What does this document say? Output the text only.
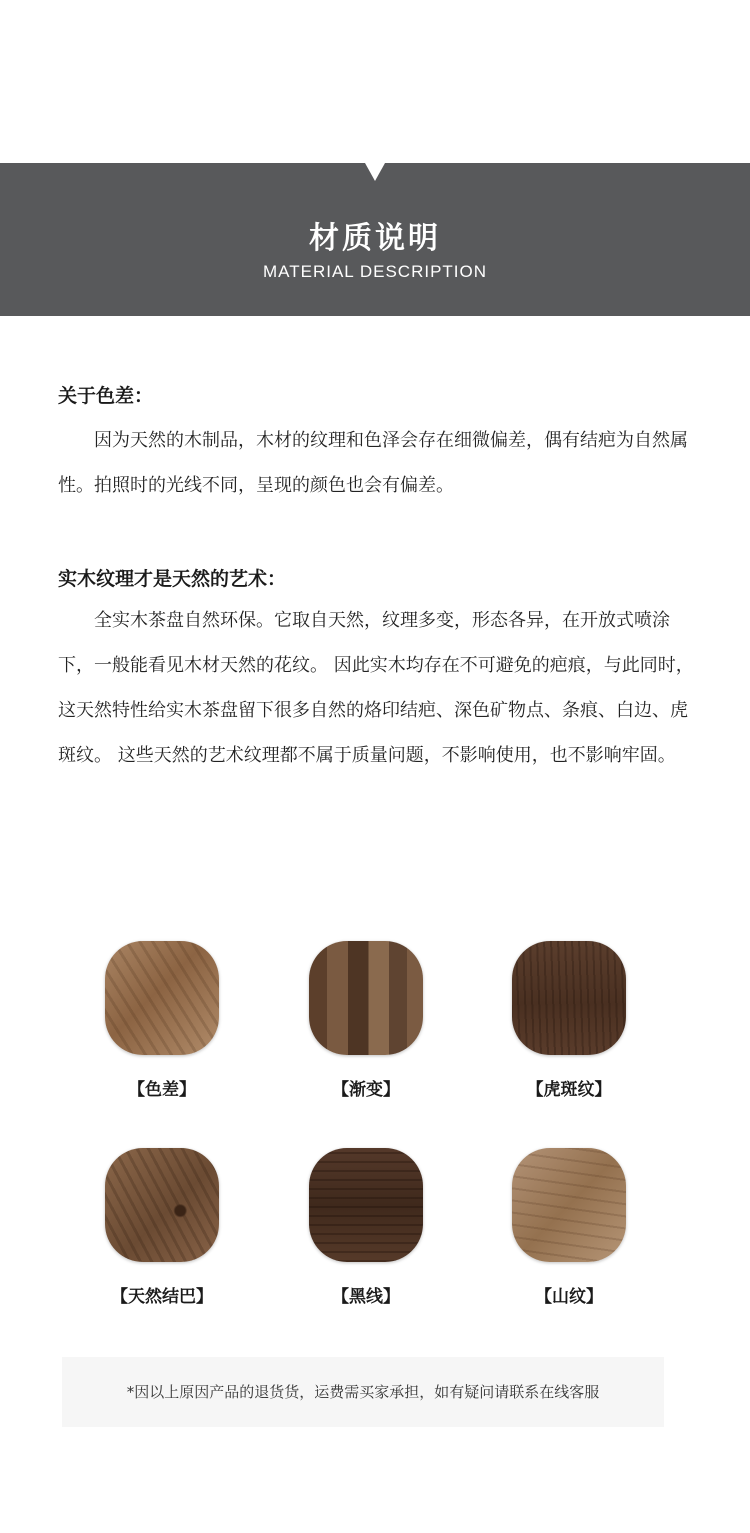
材质说明
MATERIAL DESCRIPTION
关于色差：

因为天然的木制品，木材的纹理和色泽会存在细微偏差，偶有结疤为自然属性。拍照时的光线不同，呈现的颜色也会有偏差。

实木纹理才是天然的艺术：

全实木茶盘自然环保。它取自天然，纹理多变，形态各异，在开放式喷涂下，一般能看见木材天然的花纹。 因此实木均存在不可避免的疤痕，与此同时，这天然特性给实木茶盘留下很多自然的烙印结疤、深色矿物点、条痕、白边、虎斑纹。 这些天然的艺术纹理都不属于质量问题，不影响使用，也不影响牢固。

【色差】	【渐变】	【虎斑纹】
【天然结巴】	【黑线】	【山纹】
*因以上原因产品的退货货，运费需买家承担，如有疑问请联系在线客服
